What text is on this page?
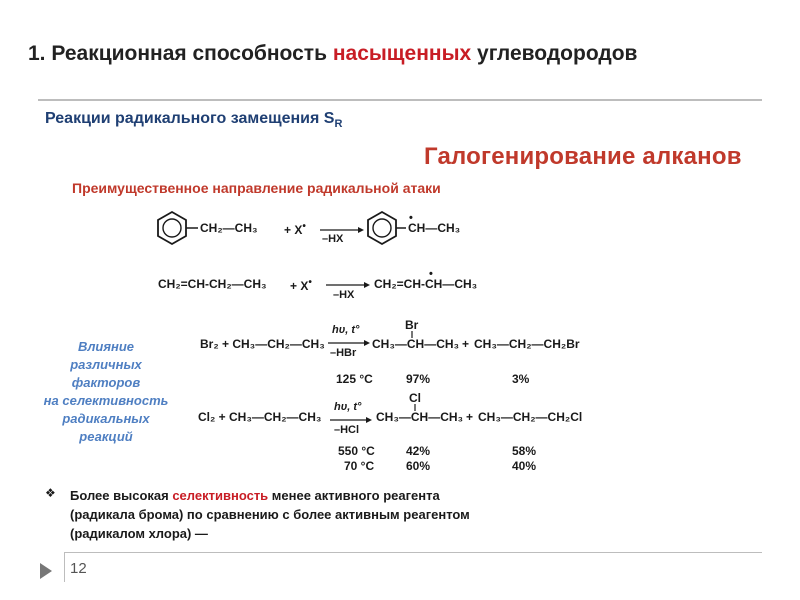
1. Реакционная способность насыщенных углеводородов
Реакции радикального замещения $S_R$
Галогенирование алканов
Преимущественное направление радикальной атаки
CH₂—CH₃ + X•
–HX
•
CH—CH₃
CH₂=CH-CH₂—CH₃ + X•
–HX
CH₂=CH-
•
CH—CH₃
Влияние
различных
факторов
на селективность
радикальных
реакций
Br₂ + CH₃—CH₂—CH₃
hυ, t°
–HBr
Br
CH₃—CH—CH₃ + CH₃—CH₂—CH₂Br
125 °C	97%	3%
Cl₂ + CH₃—CH₂—CH₃
hυ, t°
–HCl
Cl
CH₃—CH—CH₃ + CH₃—CH₂—CH₂Cl
550 °C	42%	58%
70 °C	60%	40%
❖ Более высокая селективность менее активного реагента
(радикала брома) по сравнению с более активным реагентом
(радикалом хлора) —
12
